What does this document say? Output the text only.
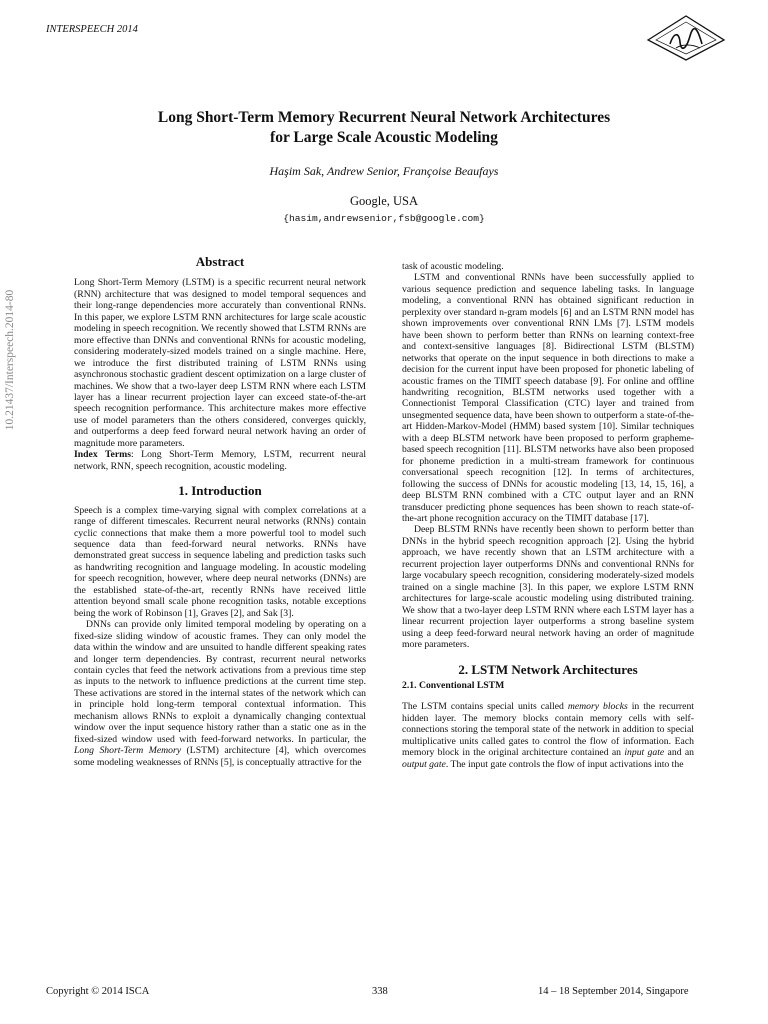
INTERSPEECH 2014
10.21437/Interspeech.2014-80
Long Short-Term Memory Recurrent Neural Network Architectures
for Large Scale Acoustic Modeling
Haşim Sak, Andrew Senior, Françoise Beaufays
Google, USA
{hasim,andrewsenior,fsb@google.com}
Abstract

Long Short-Term Memory (LSTM) is a specific recurrent neural network (RNN) architecture that was designed to model temporal sequences and their long-range dependencies more accurately than conventional RNNs. In this paper, we explore LSTM RNN architectures for large scale acoustic modeling in speech recognition. We recently showed that LSTM RNNs are more effective than DNNs and conventional RNNs for acoustic modeling, considering moderately-sized models trained on a single machine. Here, we introduce the first distributed training of LSTM RNNs using asynchronous stochastic gradient descent optimization on a large cluster of machines. We show that a two-layer deep LSTM RNN where each LSTM layer has a linear recurrent projection layer can exceed state-of-the-art speech recognition performance. This architecture makes more effective use of model parameters than the others considered, converges quickly, and outperforms a deep feed forward neural network having an order of magnitude more parameters.

Index Terms: Long Short-Term Memory, LSTM, recurrent neural network, RNN, speech recognition, acoustic modeling.

1. Introduction

Speech is a complex time-varying signal with complex correlations at a range of different timescales. Recurrent neural networks (RNNs) contain cyclic connections that make them a more powerful tool to model such sequence data than feed-forward neural networks. RNNs have demonstrated great success in sequence labeling and prediction tasks such as handwriting recognition and language modeling. In acoustic modeling for speech recognition, however, where deep neural networks (DNNs) are the established state-of-the-art, recently RNNs have received little attention beyond small scale phone recognition tasks, notable exceptions being the work of Robinson [1], Graves [2], and Sak [3].

DNNs can provide only limited temporal modeling by operating on a fixed-size sliding window of acoustic frames. They can only model the data within the window and are unsuited to handle different speaking rates and longer term dependencies. By contrast, recurrent neural networks contain cycles that feed the network activations from a previous time step as inputs to the network to influence predictions at the current time step. These activations are stored in the internal states of the network which can in principle hold long-term temporal contextual information. This mechanism allows RNNs to exploit a dynamically changing contextual window over the input sequence history rather than a static one as in the fixed-sized window used with feed-forward networks. In particular, the Long Short-Term Memory (LSTM) architecture [4], which overcomes some modeling weaknesses of RNNs [5], is conceptually attractive for the

task of acoustic modeling.

LSTM and conventional RNNs have been successfully applied to various sequence prediction and sequence labeling tasks. In language modeling, a conventional RNN has obtained significant reduction in perplexity over standard n-gram models [6] and an LSTM RNN model has shown improvements over conventional RNN LMs [7]. LSTM models have been shown to perform better than RNNs on learning context-free and context-sensitive languages [8]. Bidirectional LSTM (BLSTM) networks that operate on the input sequence in both directions to make a decision for the current input have been proposed for phonetic labeling of acoustic frames on the TIMIT speech database [9]. For online and offline handwriting recognition, BLSTM networks used together with a Connectionist Temporal Classification (CTC) layer and trained from unsegmented sequence data, have been shown to outperform a state-of-the-art Hidden-Markov-Model (HMM) based system [10]. Similar techniques with a deep BLSTM network have been proposed to perform grapheme-based speech recognition [11]. BLSTM networks have also been proposed for phoneme prediction in a multi-stream framework for continuous conversational speech recognition [12]. In terms of architectures, following the success of DNNs for acoustic modeling [13, 14, 15, 16], a deep BLSTM RNN combined with a CTC output layer and an RNN transducer predicting phone sequences has been shown to reach state-of-the-art phone recognition accuracy on the TIMIT database [17].

Deep BLSTM RNNs have recently been shown to perform better than DNNs in the hybrid speech recognition approach [2]. Using the hybrid approach, we have recently shown that an LSTM architecture with a recurrent projection layer outperforms DNNs and conventional RNNs for large vocabulary speech recognition, considering moderately-sized models trained on a single machine [3]. In this paper, we explore LSTM RNN architectures for large-scale acoustic modeling using distributed training. We show that a two-layer deep LSTM RNN where each LSTM layer has a linear recurrent projection layer outperforms a strong baseline system using a deep feed-forward neural network having an order of magnitude more parameters.

2. LSTM Network Architectures
2.1. Conventional LSTM

The LSTM contains special units called memory blocks in the recurrent hidden layer. The memory blocks contain memory cells with self-connections storing the temporal state of the network in addition to special multiplicative units called gates to control the flow of information. Each memory block in the original architecture contained an input gate and an output gate. The input gate controls the flow of input activations into the

Copyright © 2014 ISCA	338	14 – 18 September 2014, Singapore
